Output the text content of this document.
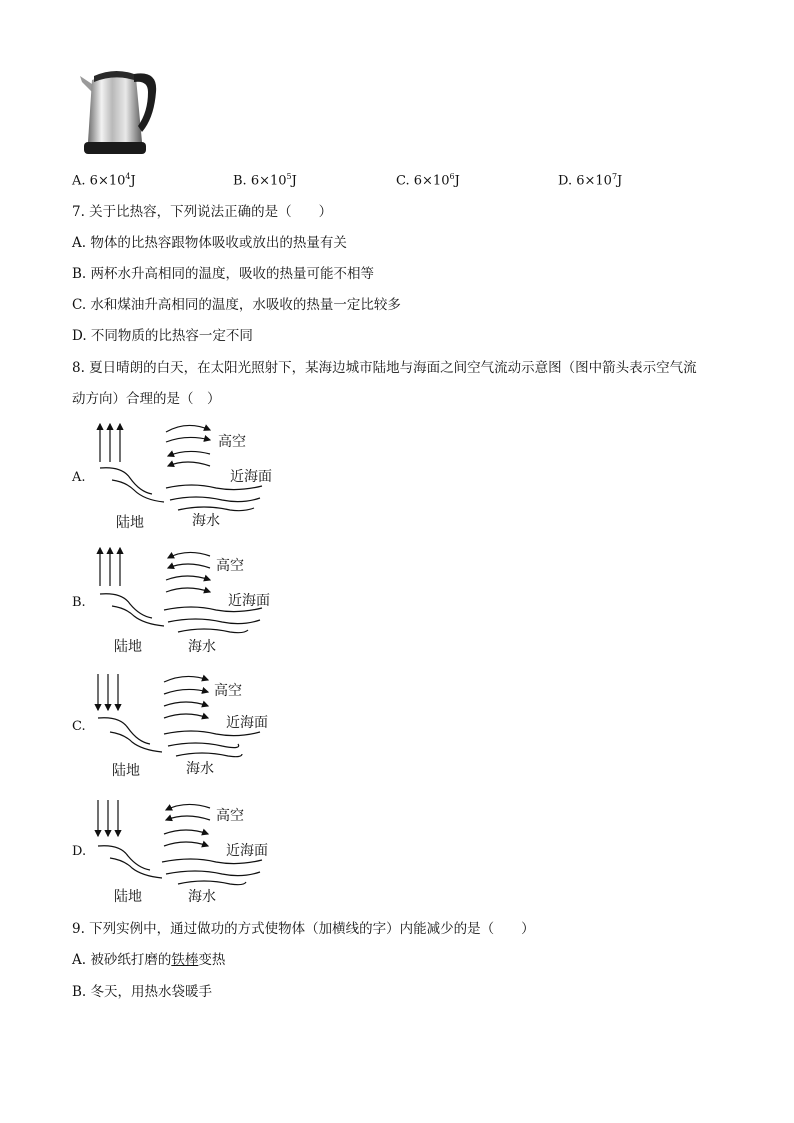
A. $6\times 10^4J$	B. $6\times 10^5J$	C. $6\times 10^6J$	D. $6\times 10^7J$
7. 关于比热容，下列说法正确的是（　　）
A. 物体的比热容跟物体吸收或放出的热量有关
B. 两杯水升高相同的温度，吸收的热量可能不相等
C. 水和煤油升高相同的温度，水吸收的热量一定比较多
D. 不同物质的比热容一定不同
8. 夏日晴朗的白天，在太阳光照射下，某海边城市陆地与海面之间空气流动示意图（图中箭头表示空气流
动方向）合理的是（　）
A.
B.
C.
D.
高空
近海面
陆地	海水
高空
近海面
陆地	海水
高空
近海面
陆地	海水
高空
近海面
陆地	海水
9. 下列实例中，通过做功的方式使物体（加横线的字）内能减少的是（　　）
A. 被砂纸打磨的铁棒变热
B. 冬天，用热水袋暖手
